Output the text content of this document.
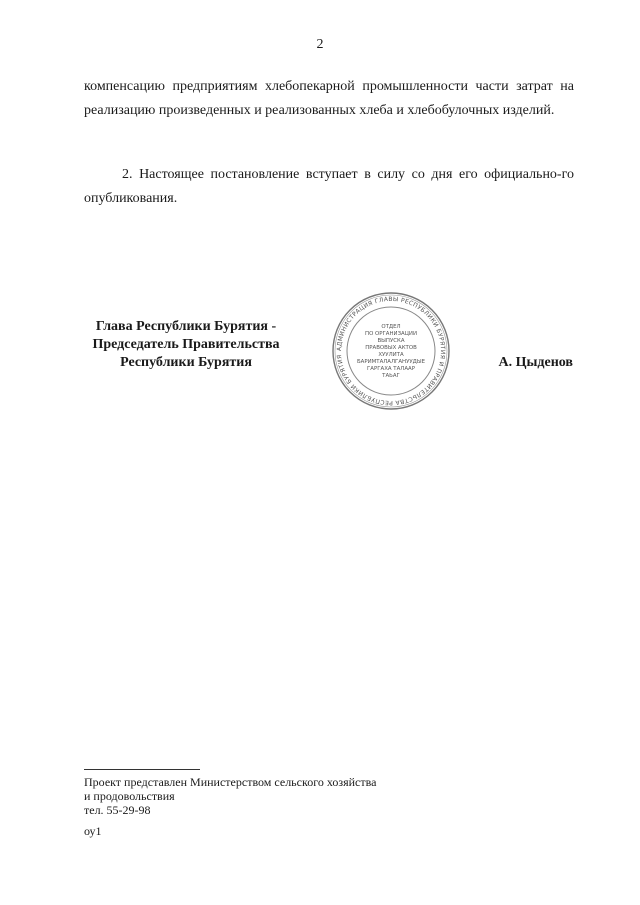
2
компенсацию предприятиям хлебопекарной промышленности части затрат на реализацию произведенных и реализованных хлеба и хлебобулочных изделий.
2. Настоящее постановление вступает в силу со дня его официально-го опубликования.
Глава Республики Бурятия -
Председатель Правительства
Республики Бурятия
АДМИНИСТРАЦИЯ ГЛАВЫ РЕСПУБЛИКИ БУРЯТИЯ И ПРАВИТЕЛЬСТВА РЕСПУБЛИКИ БУРЯТИЯ
ОТДЕЛ
ПО ОРГАНИЗАЦИИ
ВЫПУСКА
ПРАВОВЫХ АКТОВ
ХУУЛИТА
БАРИМТАЛАЛГАНУУДЫЕ
ГАРГАХА ТАЛААР
ТАЬАГ
А. Цыденов
Проект представлен Министерством сельского хозяйства
и продовольствия
тел. 55-29-98
оу1
